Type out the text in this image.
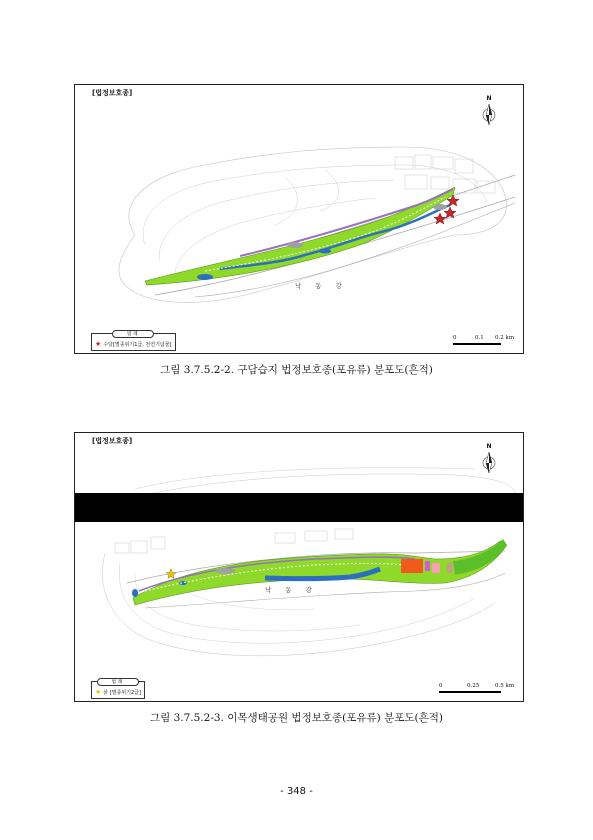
[법정보호종]
N
낙동강
범례
★ 수달[멸종위기1급, 천연기념물]
0	0.1 0.2 km
그림 3.7.5.2-2. 구담습지 법정보호종(포유류) 분포도(흔적)
[법정보호종]
N
낙동강
범례
★ 삵 [멸종위기2급]
0	0.25	0.5 km
그림 3.7.5.2-3. 이목생태공원 법정보호종(포유류) 분포도(흔적)
- 348 -
